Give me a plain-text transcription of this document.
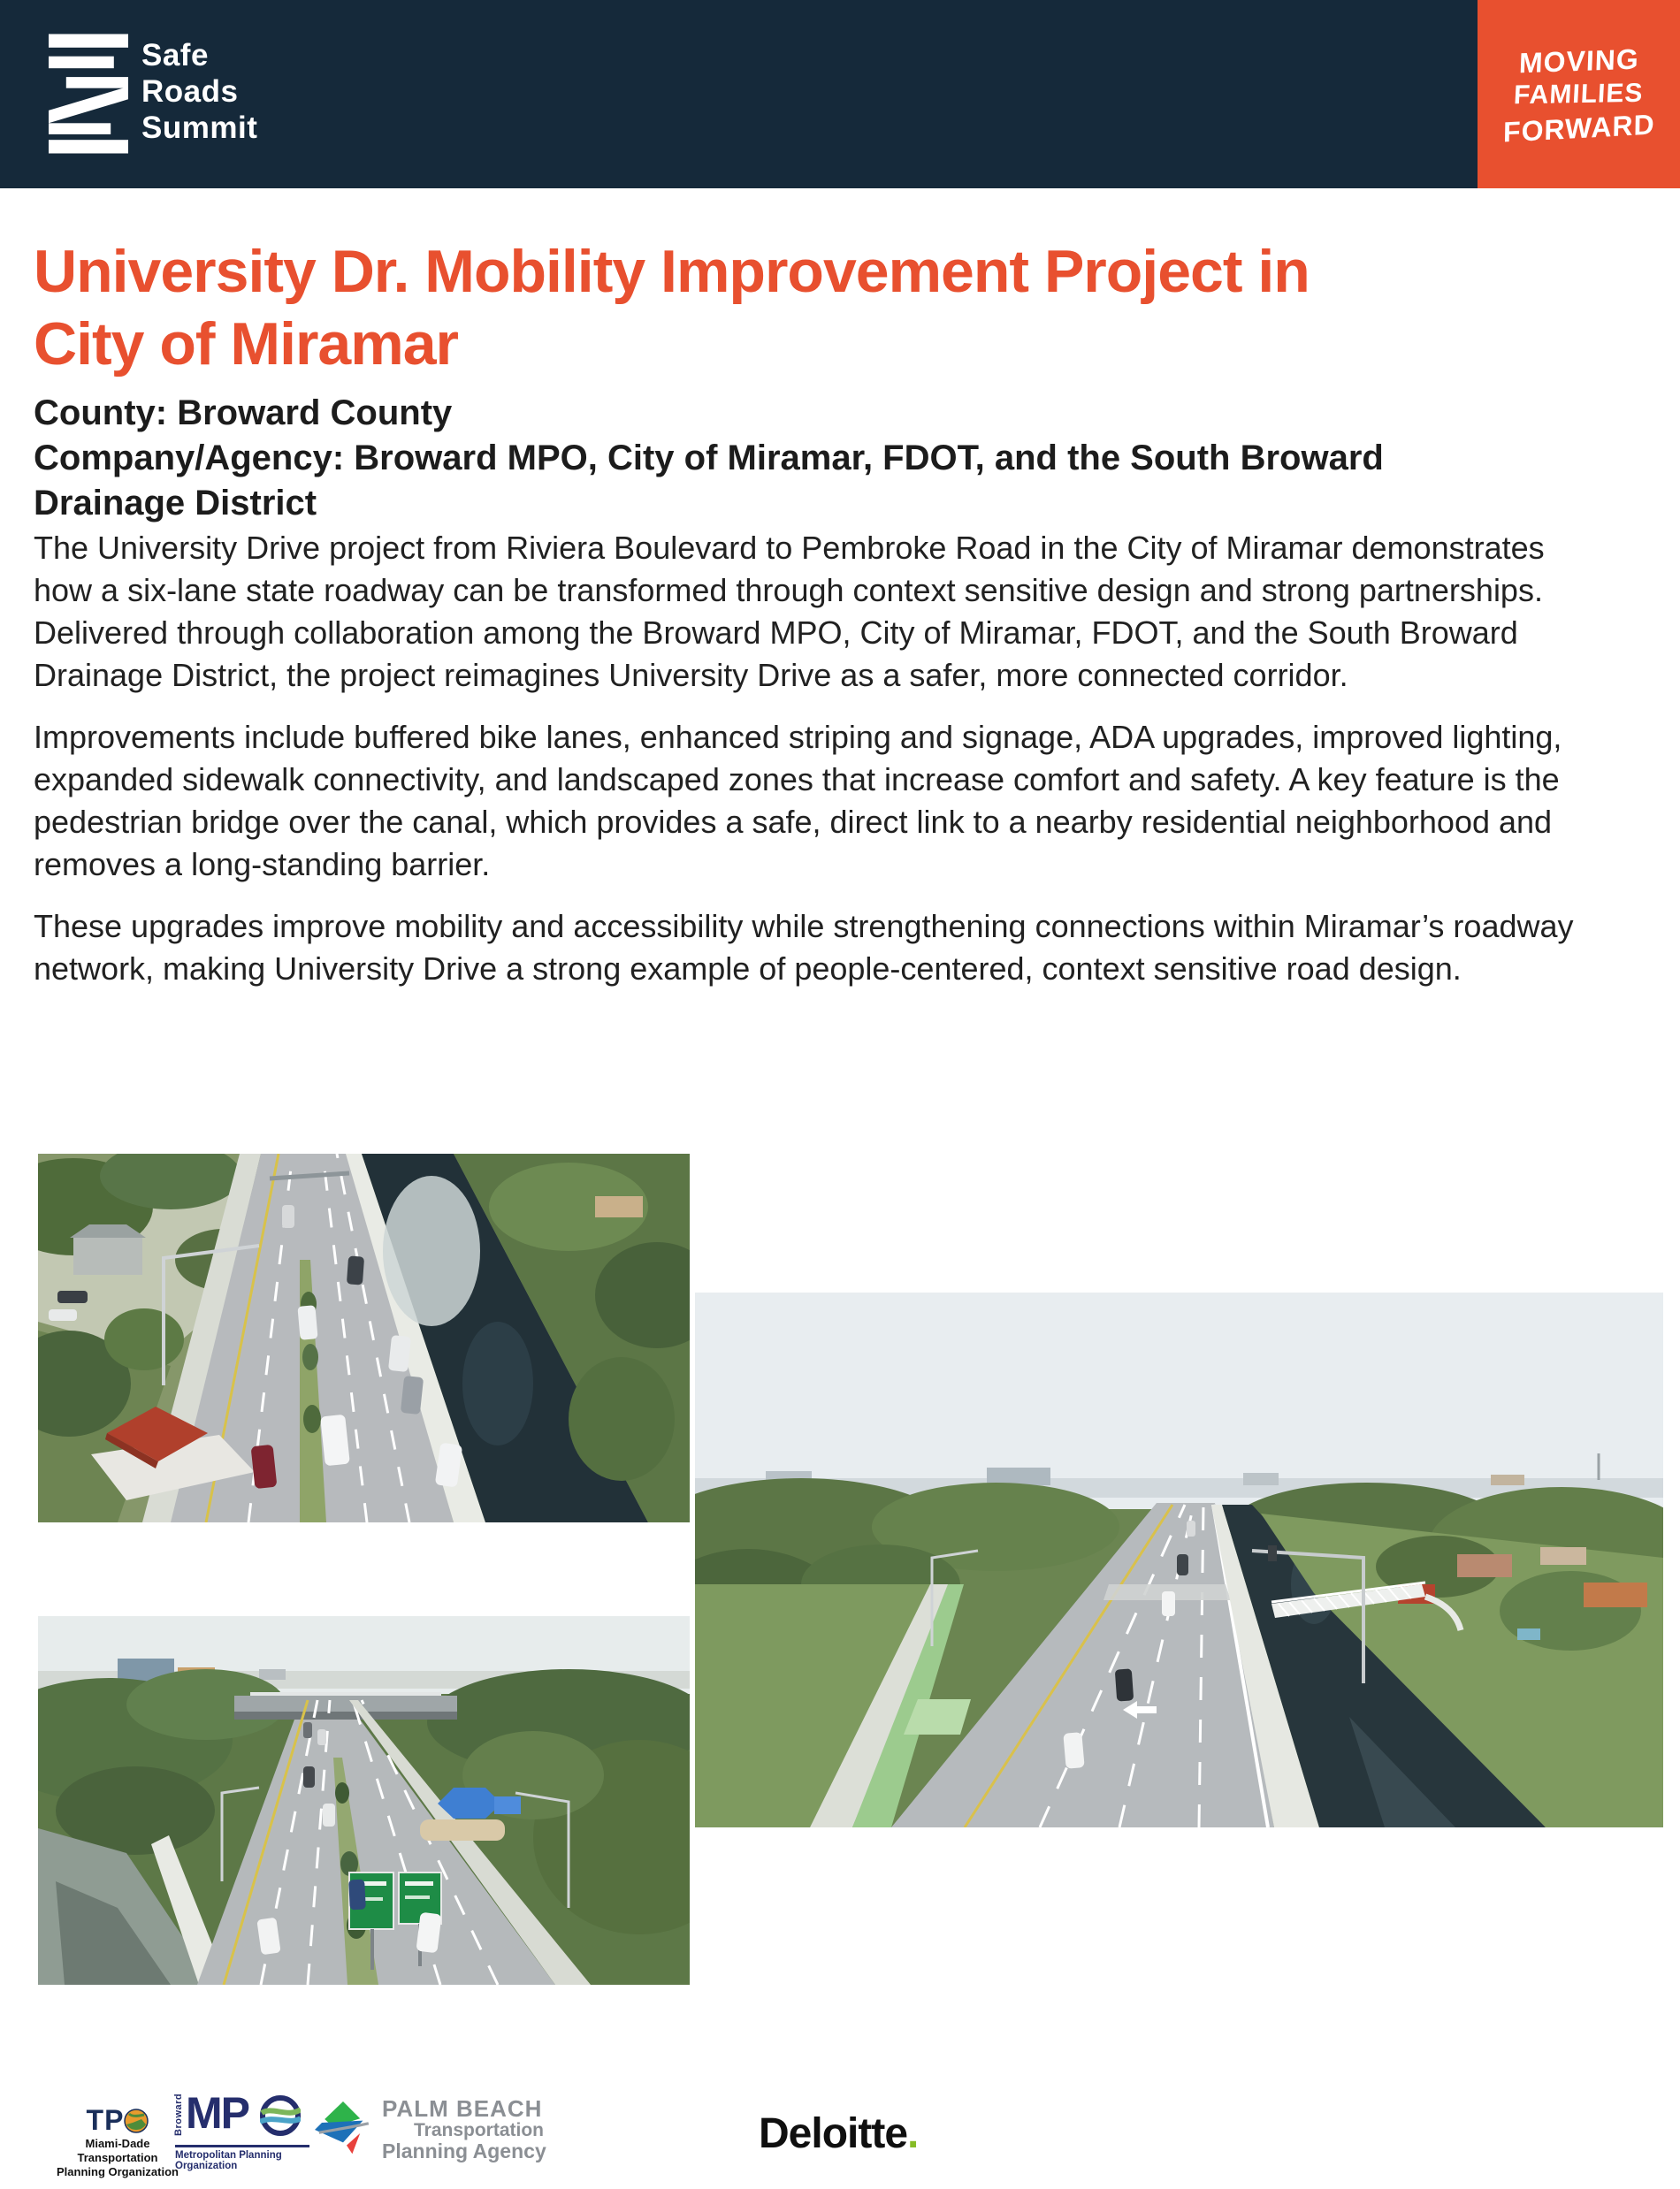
Safe
Roads
Summit
MOVING
FAMILIES
FORWARD
University Dr. Mobility Improvement Project in
City of Miramar
County: Broward County
Company/Agency: Broward MPO, City of Miramar, FDOT, and the South Broward
Drainage District

The University Drive project from Riviera Boulevard to Pembroke Road in the City of Miramar demonstrates how a six-lane state roadway can be transformed through context sensitive design and strong partnerships. Delivered through collaboration among the Broward MPO, City of Miramar, FDOT, and the South Broward Drainage District, the project reimagines University Drive as a safer, more connected corridor.

Improvements include buffered bike lanes, enhanced striping and signage, ADA upgrades, improved lighting, expanded sidewalk connectivity, and landscaped zones that increase comfort and safety. A key feature is the pedestrian bridge over the canal, which provides a safe, direct link to a nearby residential neighborhood and removes a long-standing barrier.

These upgrades improve mobility and accessibility while strengthening connections within Miramar’s roadway network, making University Drive a strong example of people-centered, context sensitive road design.

TP
Miami-Dade Transportation
Planning Organization
Broward MP
Metropolitan Planning Organization
PALM BEACH
Transportation
Planning Agency	Deloitte.
